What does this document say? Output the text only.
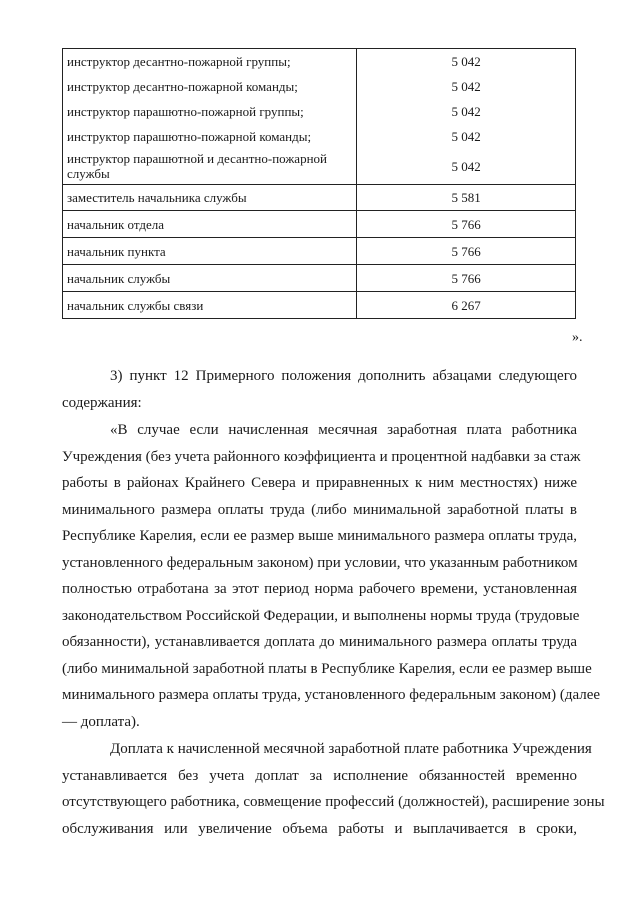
инструктор десантно-пожарной группы;	5 042
инструктор десантно-пожарной команды;	5 042
инструктор парашютно-пожарной группы;	5 042
инструктор парашютно-пожарной команды;	5 042
инструктор парашютной и десантно-пожарной службы	5 042
заместитель начальника службы	5 581
начальник отдела	5 766
начальник пункта	5 766
начальник службы	5 766
начальник службы связи	6 267
».
3) пункт 12 Примерного положения дополнить абзацами следующего
содержания:
«В случае если начисленная месячная заработная плата работника
Учреждения (без учета районного коэффициента и процентной надбавки за стаж
работы в районах Крайнего Севера и приравненных к ним местностях) ниже
минимального размера оплаты труда (либо минимальной заработной платы в
Республике Карелия, если ее размер выше минимального размера оплаты труда,
установленного федеральным законом) при условии, что указанным работником
полностью отработана за этот период норма рабочего времени, установленная
законодательством Российской Федерации, и выполнены нормы труда (трудовые
обязанности), устанавливается доплата до минимального размера оплаты труда
(либо минимальной заработной платы в Республике Карелия, если ее размер выше
минимального размера оплаты труда, установленного федеральным законом) (далее
— доплата).
Доплата к начисленной месячной заработной плате работника Учреждения
устанавливается без учета доплат за исполнение обязанностей временно
отсутствующего работника, совмещение профессий (должностей), расширение зоны
обслуживания или увеличение объема работы и выплачивается в сроки,
